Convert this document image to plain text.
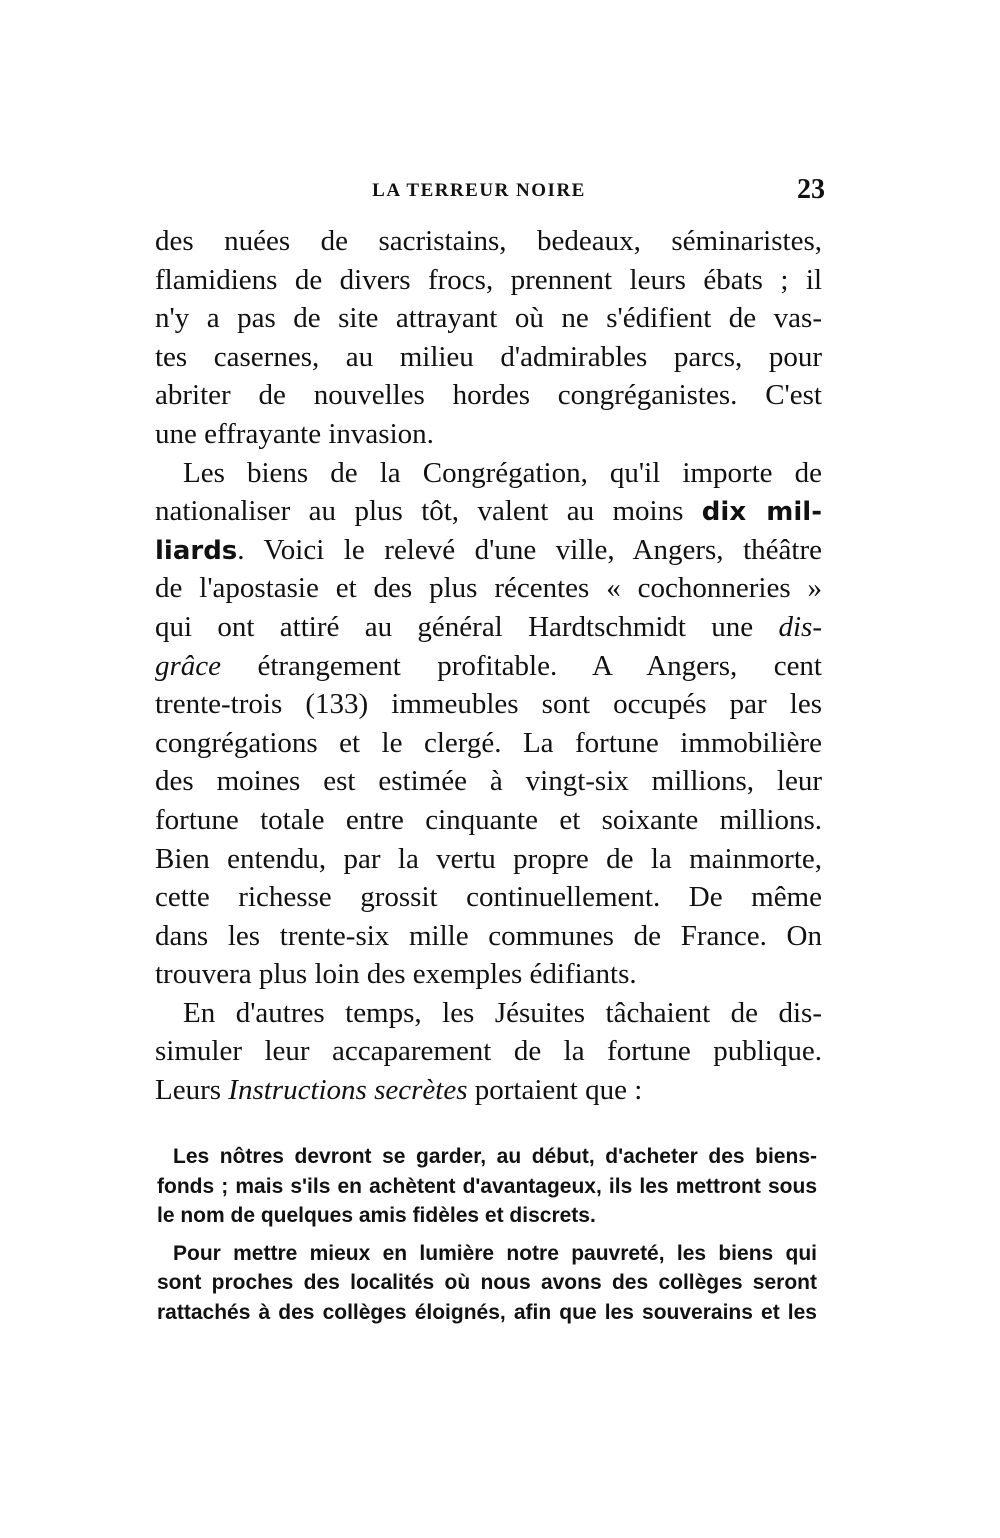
LA TERREUR NOIRE	23
des nuées de sacristains, bedeaux, séminaristes,
flamidiens de divers frocs, prennent leurs ébats ; il
n'y a pas de site attrayant où ne s'édifient de vas-
tes casernes, au milieu d'admirables parcs, pour
abriter de nouvelles hordes congréganistes. C'est
une effrayante invasion.
Les biens de la Congrégation, qu'il importe de
nationaliser au plus tôt, valent au moins dix mil-
liards. Voici le relevé d'une ville, Angers, théâtre
de l'apostasie et des plus récentes « cochonneries »
qui ont attiré au général Hardtschmidt une dis-
grâce étrangement profitable. A Angers, cent
trente-trois (133) immeubles sont occupés par les
congrégations et le clergé. La fortune immobilière
des moines est estimée à vingt-six millions, leur
fortune totale entre cinquante et soixante millions.
Bien entendu, par la vertu propre de la mainmorte,
cette richesse grossit continuellement. De même
dans les trente-six mille communes de France. On
trouvera plus loin des exemples édifiants.
En d'autres temps, les Jésuites tâchaient de dis-
simuler leur accaparement de la fortune publique.
Leurs Instructions secrètes portaient que :
Les nôtres devront se garder, au début, d'acheter des biens-
fonds ; mais s'ils en achètent d'avantageux, ils les mettront sous
le nom de quelques amis fidèles et discrets.
Pour mettre mieux en lumière notre pauvreté, les biens qui
sont proches des localités où nous avons des collèges seront
rattachés à des collèges éloignés, afin que les souverains et les
